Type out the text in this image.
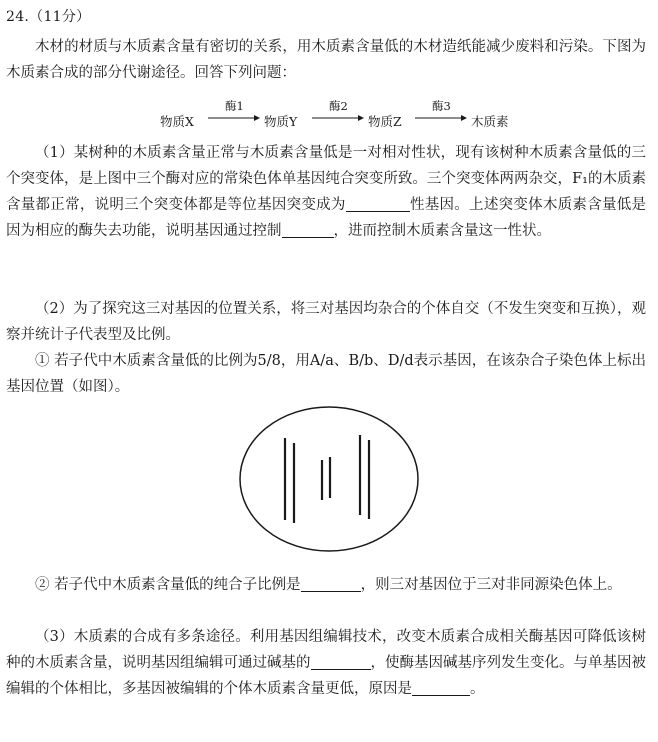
24.（11分）

木材的材质与木质素含量有密切的关系，用木质素含量低的木材造纸能减少废料和污染。下图为木质素合成的部分代谢途径。回答下列问题：

物质X
酶1
物质Y
酶2
物质Z
酶3
木质素

（1）某树种的木质素含量正常与木质素含量低是一对相对性状，现有该树种木质素含量低的三个突变体，是上图中三个酶对应的常染色体单基因纯合突变所致。三个突变体两两杂交，F₁的木质素含量都正常，说明三个突变体都是等位基因突变成为	性基因。上述突变体木质素含量低是因为相应的酶失去功能，说明基因通过控制	，进而控制木质素含量这一性状。

（2）为了探究这三对基因的位置关系，将三对基因均杂合的个体自交（不发生突变和互换），观察并统计子代表型及比例。

① 若子代中木质素含量低的比例为5/8，用A/a、B/b、D/d表示基因，在该杂合子染色体上标出基因位置（如图）。

② 若子代中木质素含量低的纯合子比例是	，则三对基因位于三对非同源染色体上。

（3）木质素的合成有多条途径。利用基因组编辑技术，改变木质素合成相关酶基因可降低该树种的木质素含量，说明基因组编辑可通过碱基的	，使酶基因碱基序列发生变化。与单基因被编辑的个体相比，多基因被编辑的个体木质素含量更低，原因是	。
